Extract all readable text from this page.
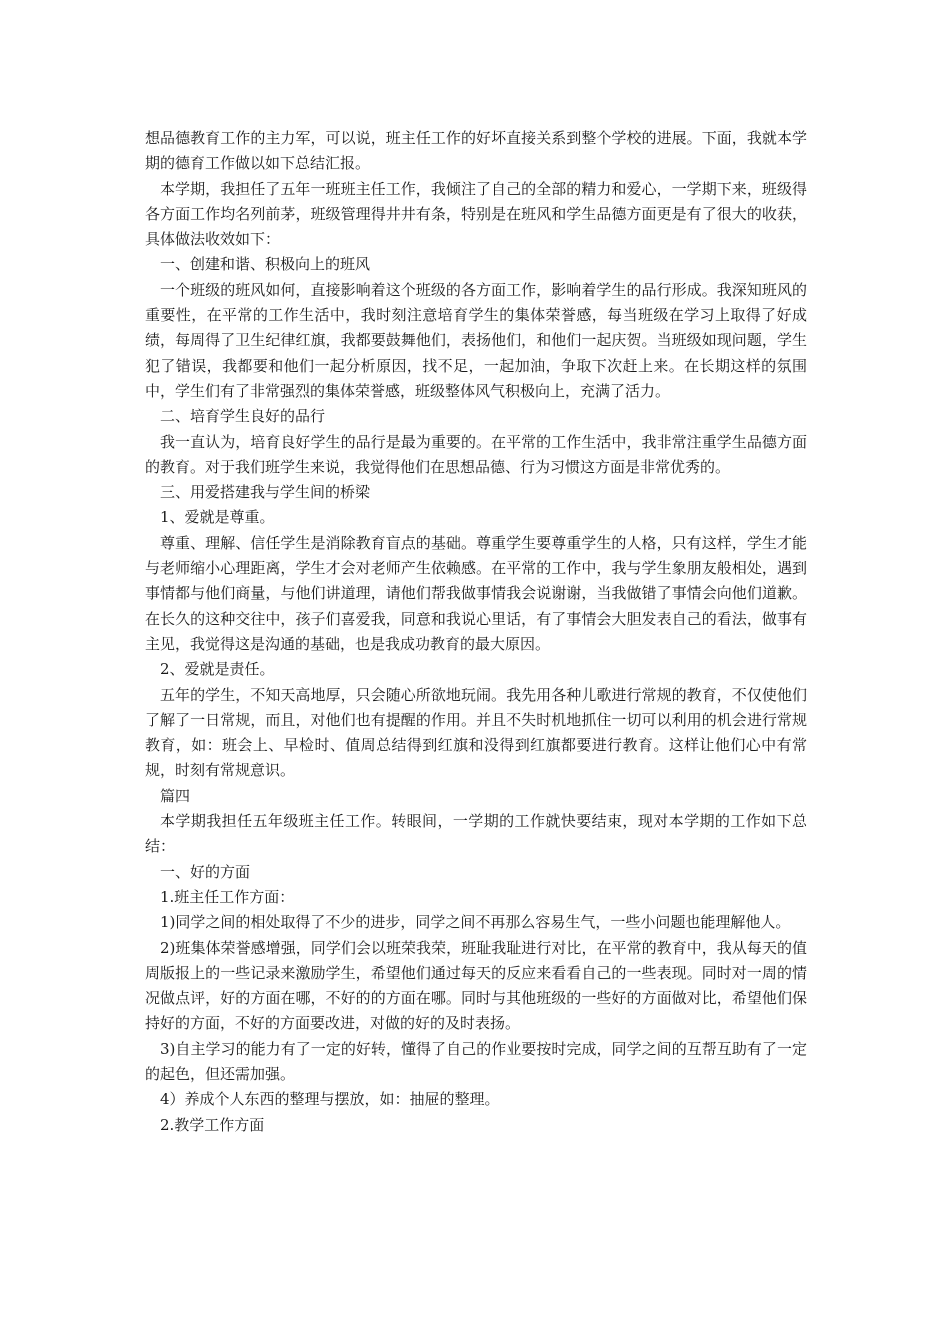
想品德教育工作的主力军，可以说，班主任工作的好坏直接关系到整个学校的进展。下面，我就本学期的德育工作做以如下总结汇报。

本学期，我担任了五年一班班主任工作，我倾注了自己的全部的精力和爱心，一学期下来，班级得各方面工作均名列前茅，班级管理得井井有条，特别是在班风和学生品德方面更是有了很大的收获，具体做法收效如下：

一、创建和谐、积极向上的班风

一个班级的班风如何，直接影响着这个班级的各方面工作，影响着学生的品行形成。我深知班风的重要性，在平常的工作生活中，我时刻注意培育学生的集体荣誉感，每当班级在学习上取得了好成绩，每周得了卫生纪律红旗，我都要鼓舞他们，表扬他们，和他们一起庆贺。当班级如现问题，学生犯了错误，我都要和他们一起分析原因，找不足，一起加油，争取下次赶上来。在长期这样的氛围中，学生们有了非常强烈的集体荣誉感，班级整体风气积极向上，充满了活力。

二、培育学生良好的品行

我一直认为，培育良好学生的品行是最为重要的。在平常的工作生活中，我非常注重学生品德方面的教育。对于我们班学生来说，我觉得他们在思想品德、行为习惯这方面是非常优秀的。

三、用爱搭建我与学生间的桥梁

1、爱就是尊重。

尊重、理解、信任学生是消除教育盲点的基础。尊重学生要尊重学生的人格，只有这样，学生才能与老师缩小心理距离，学生才会对老师产生依赖感。在平常的工作中，我与学生象朋友般相处，遇到事情都与他们商量，与他们讲道理，请他们帮我做事情我会说谢谢，当我做错了事情会向他们道歉。在长久的这种交往中，孩子们喜爱我，同意和我说心里话，有了事情会大胆发表自己的看法，做事有主见，我觉得这是沟通的基础，也是我成功教育的最大原因。

2、爱就是责任。

五年的学生，不知天高地厚，只会随心所欲地玩闹。我先用各种儿歌进行常规的教育，不仅使他们了解了一日常规，而且，对他们也有提醒的作用。并且不失时机地抓住一切可以利用的机会进行常规教育，如：班会上、早检时、值周总结得到红旗和没得到红旗都要进行教育。这样让他们心中有常规，时刻有常规意识。

篇四

本学期我担任五年级班主任工作。转眼间，一学期的工作就快要结束，现对本学期的工作如下总结：

一、好的方面

1.班主任工作方面：

1)同学之间的相处取得了不少的进步，同学之间不再那么容易生气，一些小问题也能理解他人。

2)班集体荣誉感增强，同学们会以班荣我荣，班耻我耻进行对比，在平常的教育中，我从每天的值周版报上的一些记录来激励学生，希望他们通过每天的反应来看看自己的一些表现。同时对一周的情况做点评，好的方面在哪，不好的的方面在哪。同时与其他班级的一些好的方面做对比，希望他们保持好的方面，不好的方面要改进，对做的好的及时表扬。

3)自主学习的能力有了一定的好转，懂得了自己的作业要按时完成，同学之间的互帮互助有了一定的起色，但还需加强。

4）养成个人东西的整理与摆放，如：抽屉的整理。

2.教学工作方面
